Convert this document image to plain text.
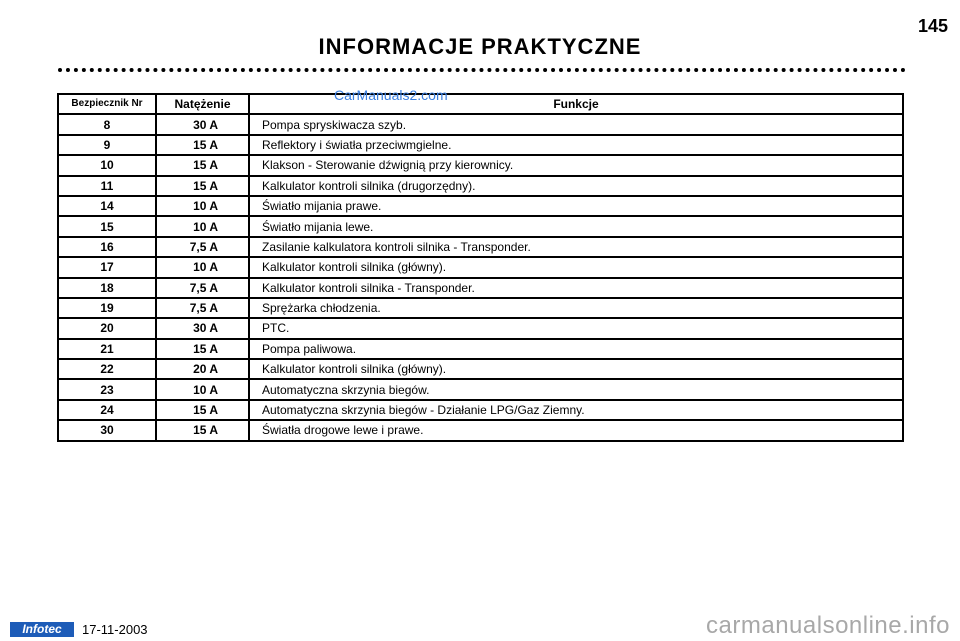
145
INFORMACJE PRAKTYCZNE
Bezpiecznik Nr	Natężenie	Funkcje
8	30 A	Pompa spryskiwacza szyb.
9	15 A	Reflektory i światła przeciwmgielne.
10	15 A	Klakson - Sterowanie dźwignią przy kierownicy.
11	15 A	Kalkulator kontroli silnika (drugorzędny).
14	10 A	Światło mijania prawe.
15	10 A	Światło mijania lewe.
16	7,5 A	Zasilanie kalkulatora kontroli silnika - Transponder.
17	10 A	Kalkulator kontroli silnika (główny).
18	7,5 A	Kalkulator kontroli silnika - Transponder.
19	7,5 A	Sprężarka chłodzenia.
20	30 A	PTC.
21	15 A	Pompa paliwowa.
22	20 A	Kalkulator kontroli silnika (główny).
23	10 A	Automatyczna skrzynia biegów.
24	15 A	Automatyczna skrzynia biegów - Działanie LPG/Gaz Ziemny.
30	15 A	Światła drogowe lewe i prawe.
CarManuals2.com
Infotec	17-11-2003	carmanualsonline.info
